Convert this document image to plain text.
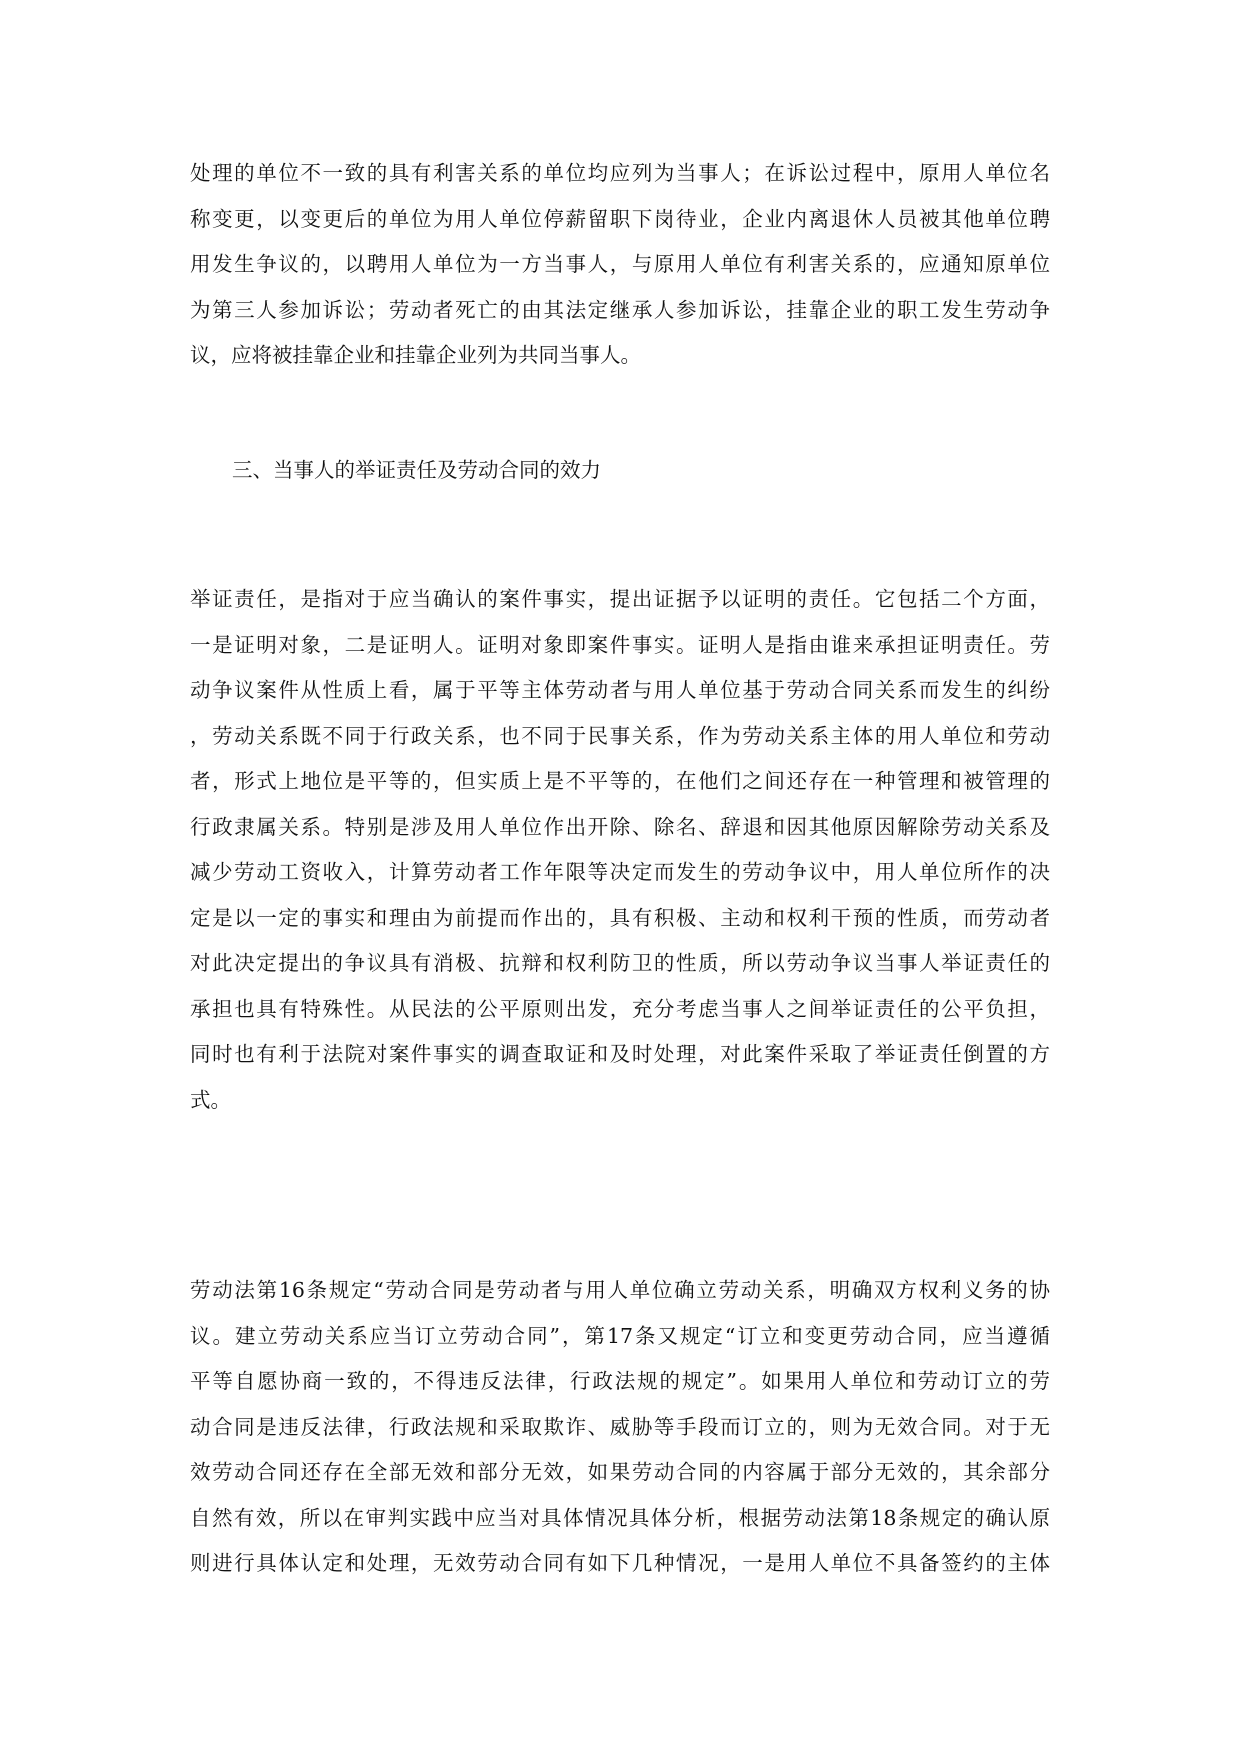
处理的单位不一致的具有利害关系的单位均应列为当事人；在诉讼过程中，原用人单位名
称变更，以变更后的单位为用人单位停薪留职下岗待业，企业内离退休人员被其他单位聘
用发生争议的，以聘用人单位为一方当事人，与原用人单位有利害关系的，应通知原单位
为第三人参加诉讼；劳动者死亡的由其法定继承人参加诉讼，挂靠企业的职工发生劳动争
议，应将被挂靠企业和挂靠企业列为共同当事人。
三、当事人的举证责任及劳动合同的效力
举证责任，是指对于应当确认的案件事实，提出证据予以证明的责任。它包括二个方面，
一是证明对象，二是证明人。证明对象即案件事实。证明人是指由谁来承担证明责任。劳
动争议案件从性质上看，属于平等主体劳动者与用人单位基于劳动合同关系而发生的纠纷
，劳动关系既不同于行政关系，也不同于民事关系，作为劳动关系主体的用人单位和劳动
者，形式上地位是平等的，但实质上是不平等的，在他们之间还存在一种管理和被管理的
行政隶属关系。特别是涉及用人单位作出开除、除名、辞退和因其他原因解除劳动关系及
减少劳动工资收入，计算劳动者工作年限等决定而发生的劳动争议中，用人单位所作的决
定是以一定的事实和理由为前提而作出的，具有积极、主动和权利干预的性质，而劳动者
对此决定提出的争议具有消极、抗辩和权利防卫的性质，所以劳动争议当事人举证责任的
承担也具有特殊性。从民法的公平原则出发，充分考虑当事人之间举证责任的公平负担，
同时也有利于法院对案件事实的调查取证和及时处理，对此案件采取了举证责任倒置的方
式。
劳动法第16条规定“劳动合同是劳动者与用人单位确立劳动关系，明确双方权利义务的协
议。建立劳动关系应当订立劳动合同”，第17条又规定“订立和变更劳动合同，应当遵循
平等自愿协商一致的，不得违反法律，行政法规的规定”。如果用人单位和劳动订立的劳
动合同是违反法律，行政法规和采取欺诈、威胁等手段而订立的，则为无效合同。对于无
效劳动合同还存在全部无效和部分无效，如果劳动合同的内容属于部分无效的，其余部分
自然有效，所以在审判实践中应当对具体情况具体分析，根据劳动法第18条规定的确认原
则进行具体认定和处理，无效劳动合同有如下几种情况，一是用人单位不具备签约的主体
